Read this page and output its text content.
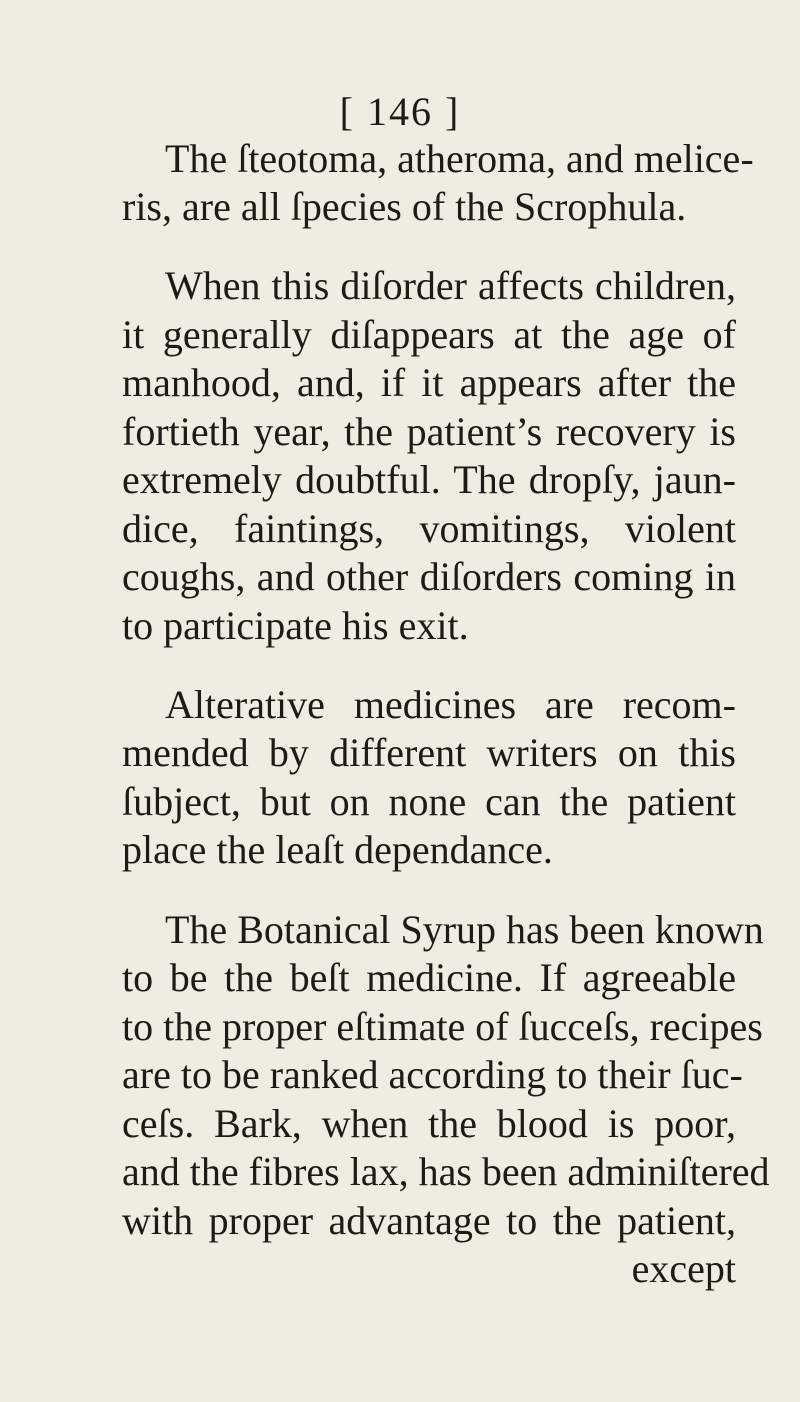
[ 146 ]
The ſteotoma, atheroma, and melice-
ris, are all ſpecies of the Scrophula.
When this diſorder affects children,
it generally diſappears at the age of
manhood, and, if it appears after the
fortieth year, the patient’s recovery is
extremely doubtful. The dropſy, jaun-
dice, faintings, vomitings, violent
coughs, and other diſorders coming in
to participate his exit.
Alterative medicines are recom-
mended by different writers on this
ſubject, but on none can the patient
place the leaſt dependance.
The Botanical Syrup has been known
to be the beſt medicine. If agreeable
to the proper eſtimate of ſucceſs, recipes
are to be ranked according to their ſuc-
ceſs. Bark, when the blood is poor,
and the fibres lax, has been adminiſtered
with proper advantage to the patient,
except
